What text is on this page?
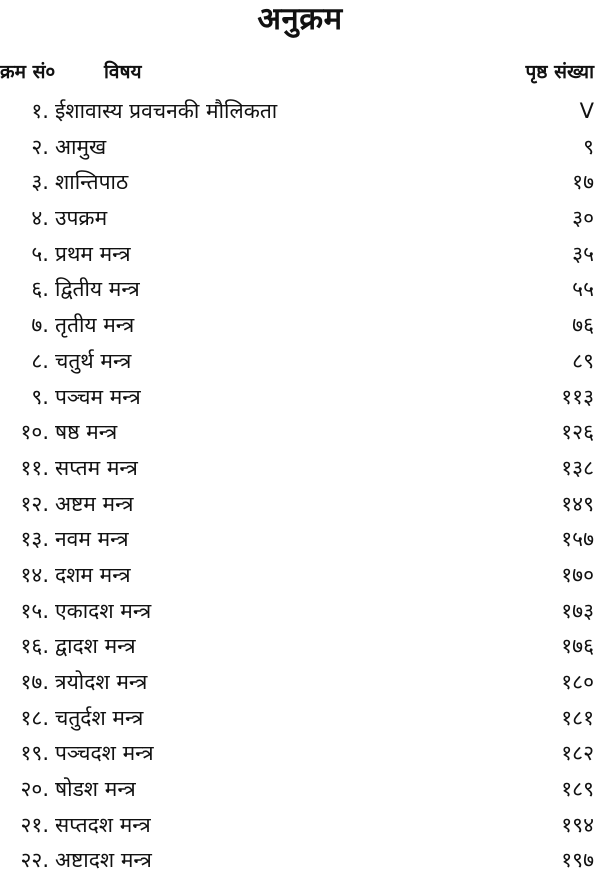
अनुक्रम
क्रम सं०	विषय	पृष्ठ संख्या
१. ईशावास्य प्रवचनकी मौलिकता	V
२. आमुख	९
३. शान्तिपाठ	१७
४. उपक्रम	३०
५. प्रथम मन्त्र	३५
६. द्वितीय मन्त्र	५५
७. तृतीय मन्त्र	७६
८. चतुर्थ मन्त्र	८९
९. पञ्चम मन्त्र	११३
१०. षष्ठ मन्त्र	१२६
११. सप्तम मन्त्र	१३८
१२. अष्टम मन्त्र	१४९
१३. नवम मन्त्र	१५७
१४. दशम मन्त्र	१७०
१५. एकादश मन्त्र	१७३
१६. द्वादश मन्त्र	१७६
१७. त्रयोदश मन्त्र	१८०
१८. चतुर्दश मन्त्र	१८१
१९. पञ्चदश मन्त्र	१८२
२०. षोडश मन्त्र	१८९
२१. सप्तदश मन्त्र	१९४
२२. अष्टादश मन्त्र	१९७
